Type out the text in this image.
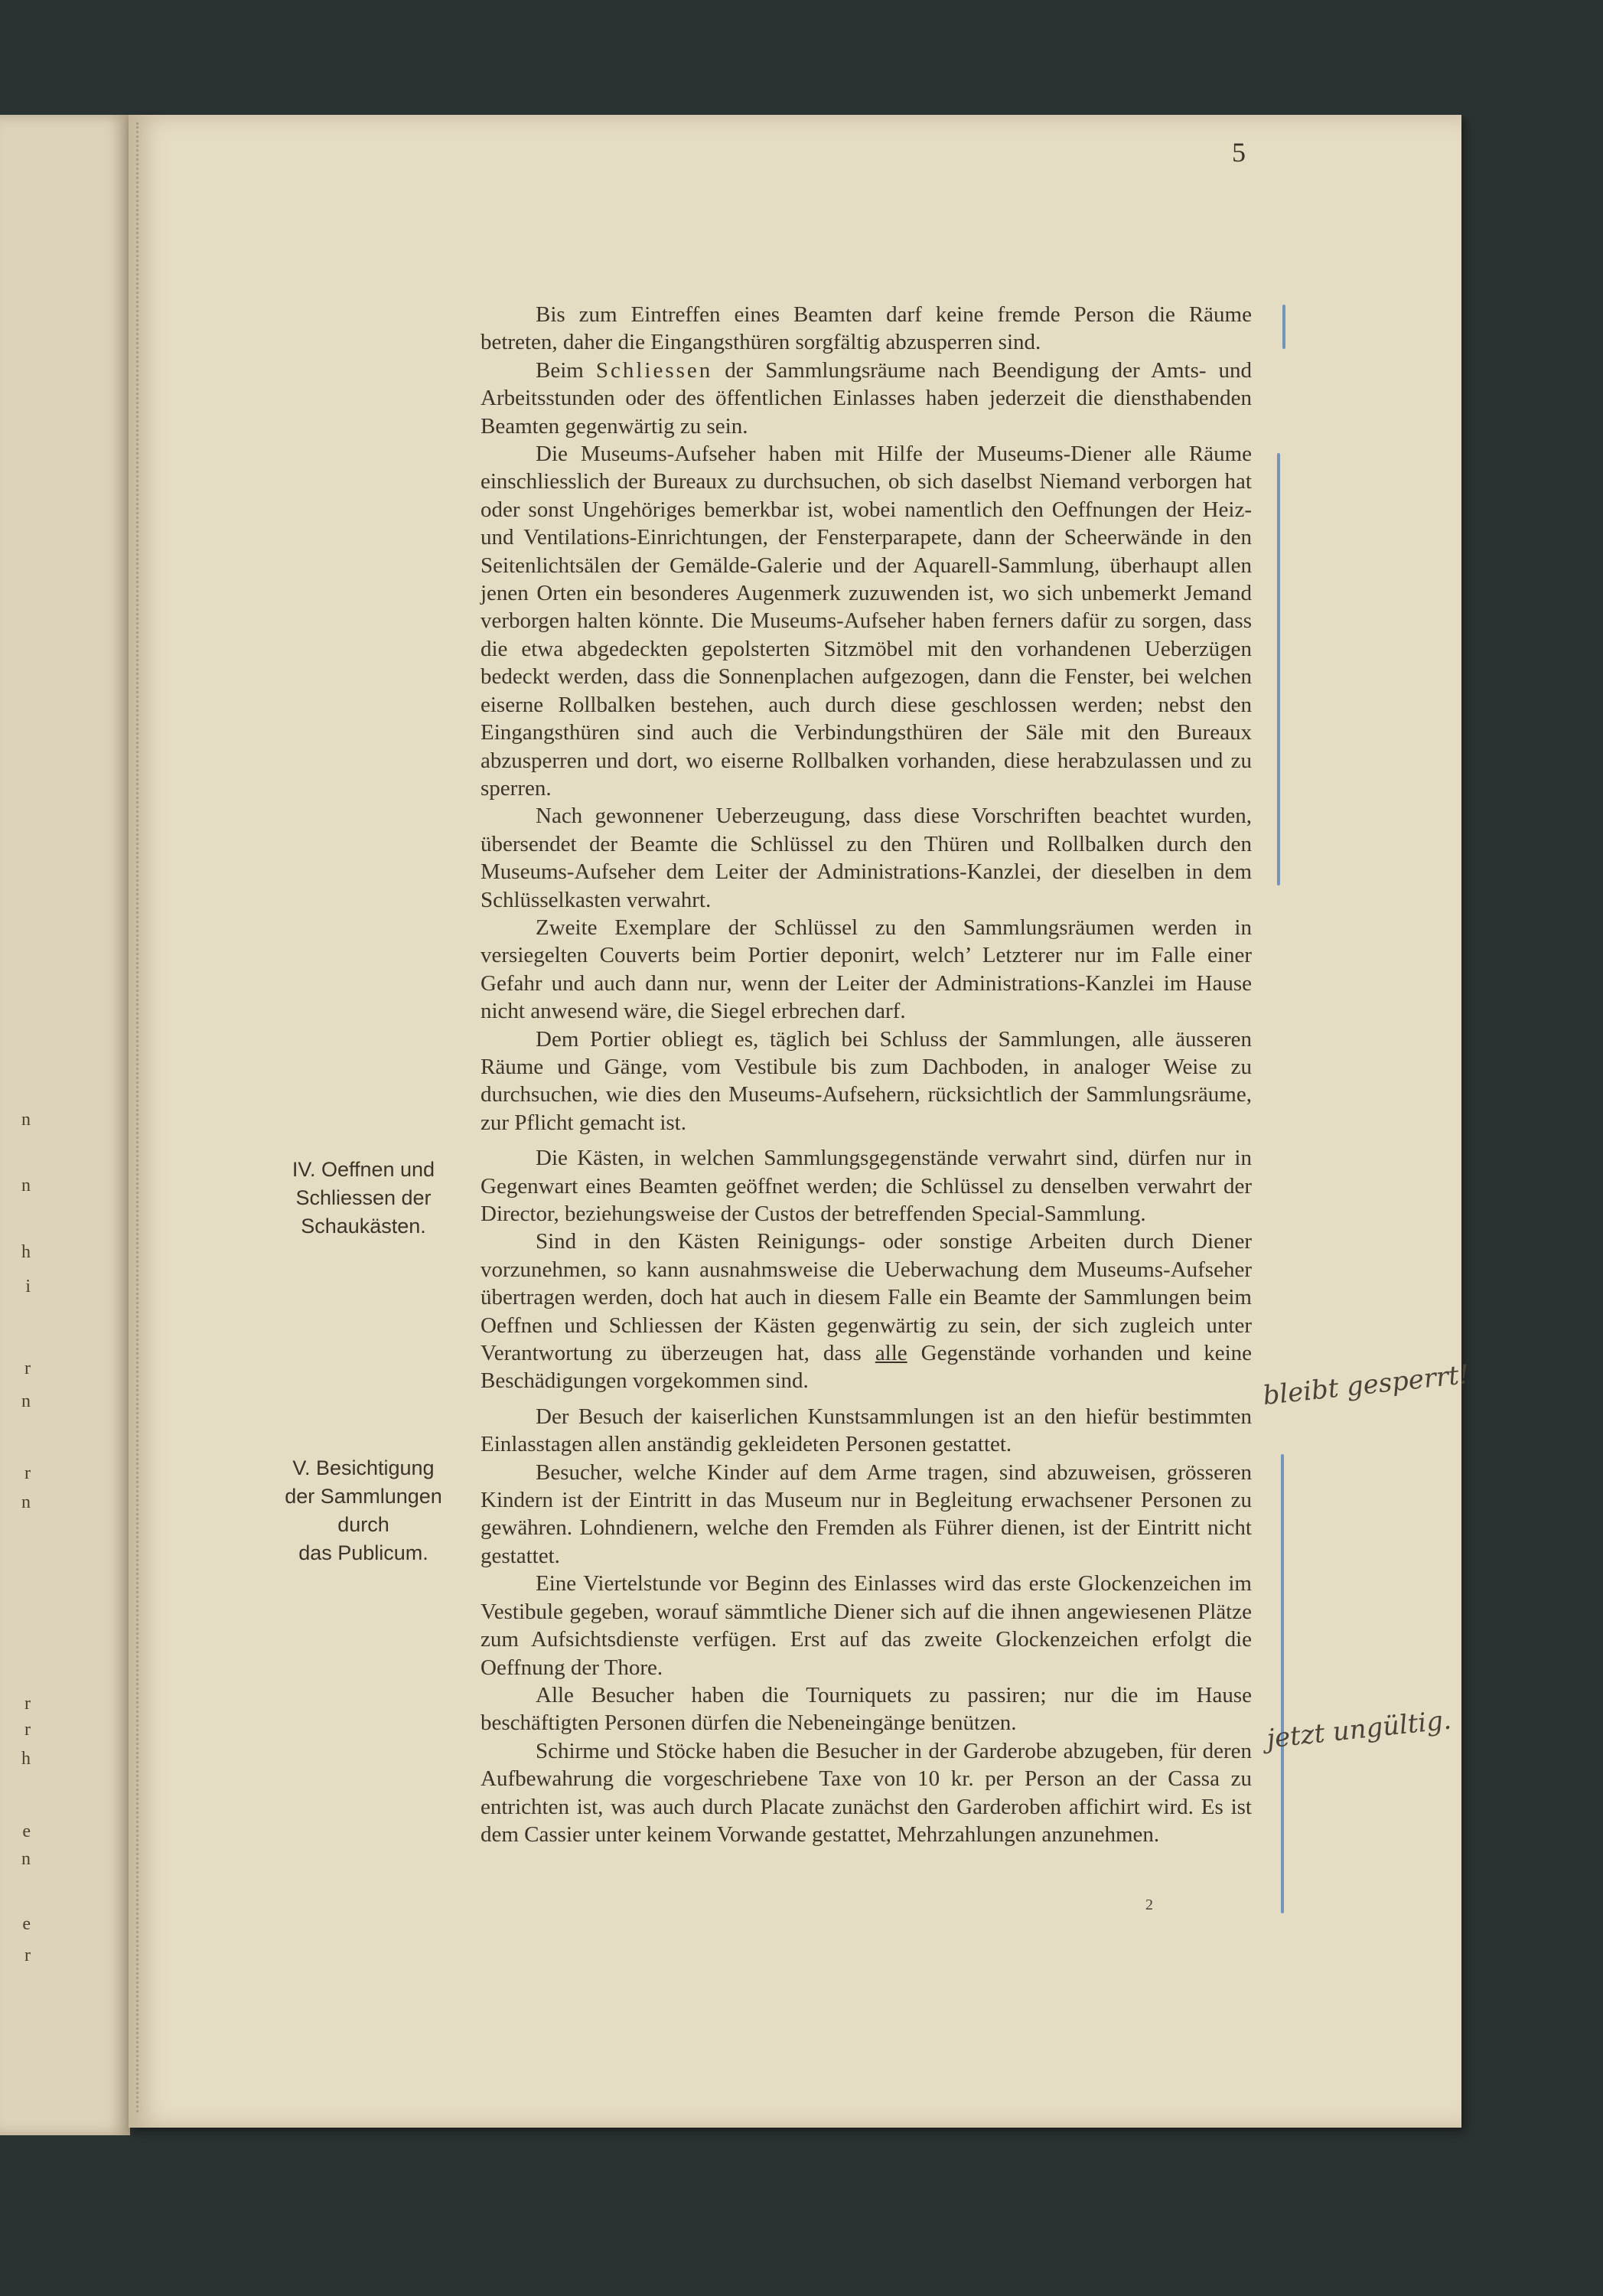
n
n
h
i
r
n
r
n
r
r
h
e
n
e
r
5

Bis zum Eintreffen eines Beamten darf keine fremde Person die Räume betreten, daher die Eingangsthüren sorgfältig abzusperren sind.

Beim Schliessen der Sammlungsräume nach Beendigung der Amts- und Arbeitsstunden oder des öffentlichen Einlasses haben jederzeit die diensthabenden Beamten gegenwärtig zu sein.

Die Museums-Aufseher haben mit Hilfe der Museums-Diener alle Räume einschliesslich der Bureaux zu durchsuchen, ob sich daselbst Niemand verborgen hat oder sonst Ungehöriges bemerkbar ist, wobei namentlich den Oeffnungen der Heiz- und Ventilations-Einrichtungen, der Fensterparapete, dann der Scheerwände in den Seitenlichtsälen der Gemälde-Galerie und der Aquarell-Sammlung, überhaupt allen jenen Orten ein besonderes Augenmerk zuzuwenden ist, wo sich unbemerkt Jemand verborgen halten könnte. Die Museums-Aufseher haben ferners dafür zu sorgen, dass die etwa abgedeckten gepolsterten Sitzmöbel mit den vorhandenen Ueberzügen bedeckt werden, dass die Sonnenplachen aufgezogen, dann die Fenster, bei welchen eiserne Rollbalken bestehen, auch durch diese geschlossen werden; nebst den Eingangsthüren sind auch die Verbindungsthüren der Säle mit den Bureaux abzusperren und dort, wo eiserne Rollbalken vorhanden, diese herabzulassen und zu sperren.

Nach gewonnener Ueberzeugung, dass diese Vorschriften beachtet wurden, übersendet der Beamte die Schlüssel zu den Thüren und Rollbalken durch den Museums-Aufseher dem Leiter der Administrations-Kanzlei, der dieselben in dem Schlüsselkasten verwahrt.

Zweite Exemplare der Schlüssel zu den Sammlungsräumen werden in versiegelten Couverts beim Portier deponirt, welch’ Letzterer nur im Falle einer Gefahr und auch dann nur, wenn der Leiter der Administrations-Kanzlei im Hause nicht anwesend wäre, die Siegel erbrechen darf.

Dem Portier obliegt es, täglich bei Schluss der Sammlungen, alle äusseren Räume und Gänge, vom Vestibule bis zum Dachboden, in analoger Weise zu durchsuchen, wie dies den Museums-Aufsehern, rücksichtlich der Sammlungsräume, zur Pflicht gemacht ist.

Die Kästen, in welchen Sammlungsgegenstände verwahrt sind, dürfen nur in Gegenwart eines Beamten geöffnet werden; die Schlüssel zu denselben verwahrt der Director, beziehungsweise der Custos der betreffenden Special-Sammlung.

Sind in den Kästen Reinigungs- oder sonstige Arbeiten durch Diener vorzunehmen, so kann ausnahmsweise die Ueberwachung dem Museums-Aufseher übertragen werden, doch hat auch in diesem Falle ein Beamte der Sammlungen beim Oeffnen und Schliessen der Kästen gegenwärtig zu sein, der sich zugleich unter Verantwortung zu überzeugen hat, dass alle Gegenstände vorhanden und keine Beschädigungen vorgekommen sind.

Der Besuch der kaiserlichen Kunstsammlungen ist an den hiefür bestimmten Einlasstagen allen anständig gekleideten Personen gestattet.

Besucher, welche Kinder auf dem Arme tragen, sind abzuweisen, grösseren Kindern ist der Eintritt in das Museum nur in Begleitung erwachsener Personen zu gewähren. Lohndienern, welche den Fremden als Führer dienen, ist der Eintritt nicht gestattet.

Eine Viertelstunde vor Beginn des Einlasses wird das erste Glockenzeichen im Vestibule gegeben, worauf sämmtliche Diener sich auf die ihnen angewiesenen Plätze zum Aufsichtsdienste verfügen. Erst auf das zweite Glockenzeichen erfolgt die Oeffnung der Thore.

Alle Besucher haben die Tourniquets zu passiren; nur die im Hause beschäftigten Personen dürfen die Nebeneingänge benützen.

Schirme und Stöcke haben die Besucher in der Garderobe abzugeben, für deren Aufbewahrung die vorgeschriebene Taxe von 10 kr. per Person an der Cassa zu entrichten ist, was auch durch Placate zunächst den Garderoben affichirt wird. Es ist dem Cassier unter keinem Vorwande gestattet, Mehrzahlungen anzunehmen.

IV. Oeffnen und
Schliessen der
Schaukästen.
V. Besichtigung
der Sammlungen
durch
das Publicum.
bleibt gesperrt!
jetzt ungültig.
2
